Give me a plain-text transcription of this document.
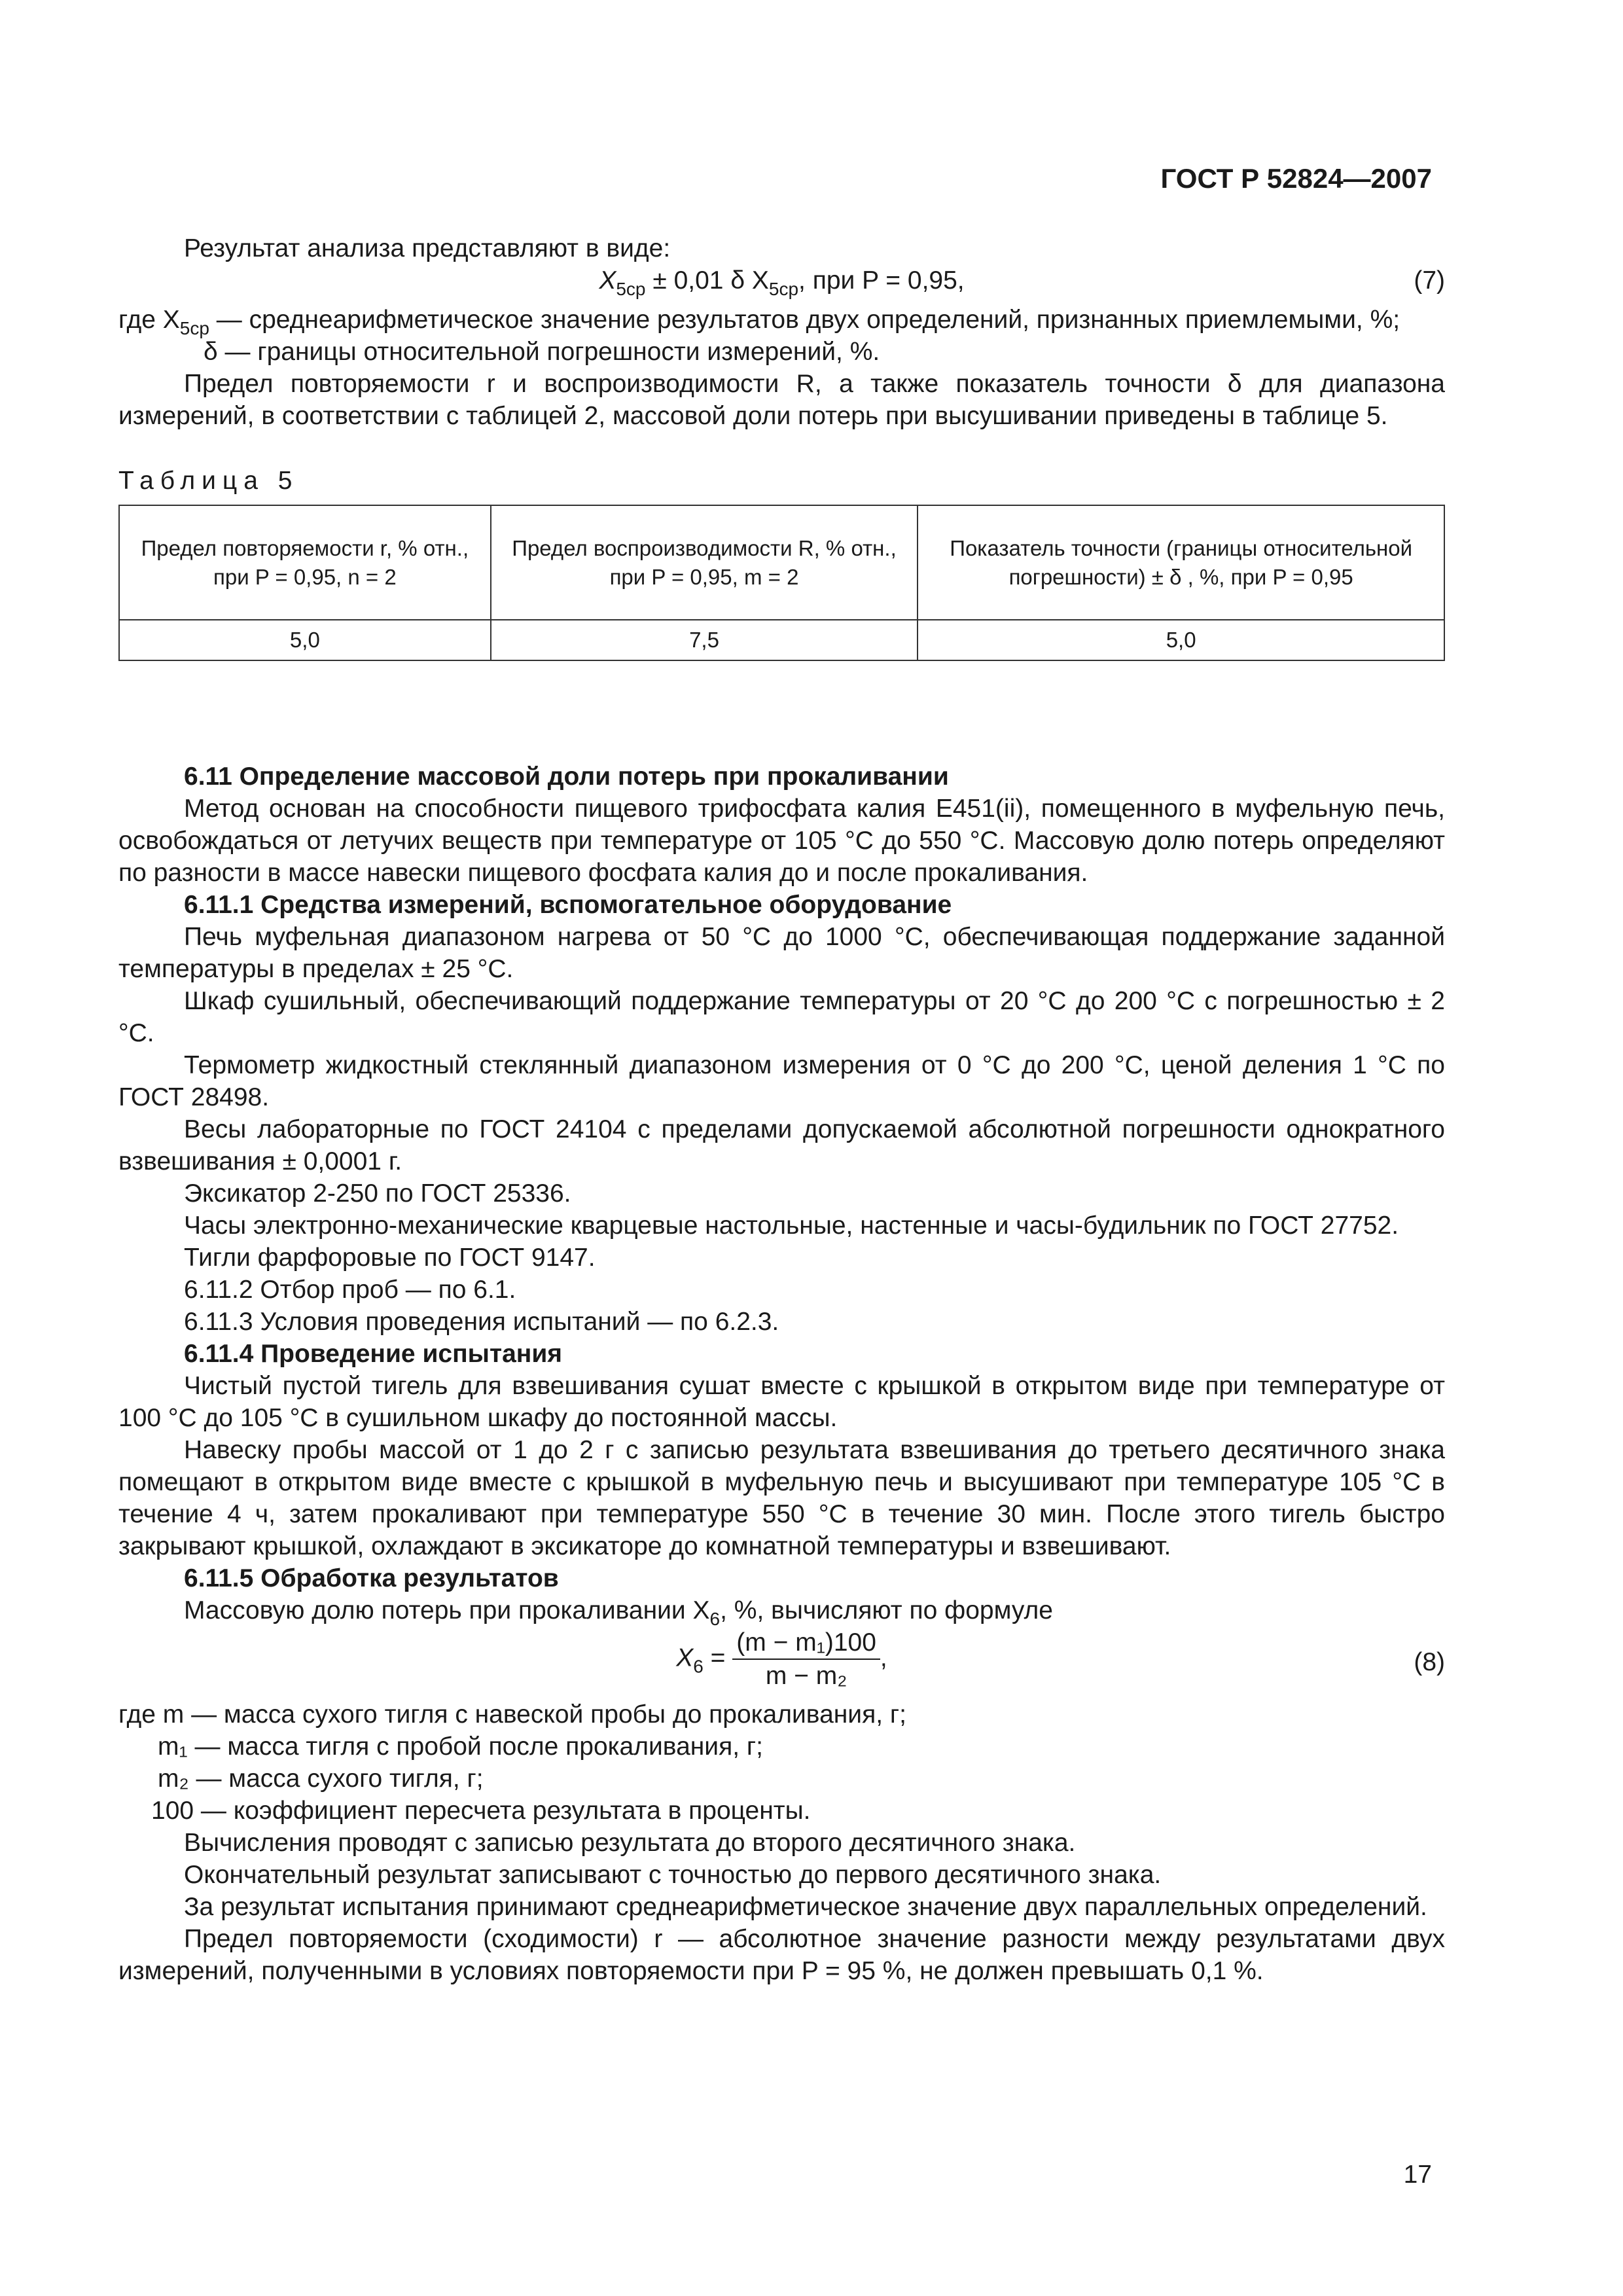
ГОСТ Р 52824—2007

Результат анализа представляют в виде:

$X_{5ср} \pm 0,01$ δ $X_{5ср}$, при P = 0,95,	(7)

где $X_{5ср}$ — среднеарифметическое значение результатов двух определений, признанных приемлемыми, %;

δ — границы относительной погрешности измерений, %.

Предел повторяемости r и воспроизводимости R, а также показатель точности δ для диапазона измерений, в соответствии с таблицей 2, массовой доли потерь при высушивании приведены в таблице 5.

Таблица 5

Предел повторяемости r, % отн., при P = 0,95, n = 2	Предел воспроизводимости R, % отн., при P = 0,95, m = 2	Показатель точности (границы относительной погрешности) ± δ , %, при P = 0,95
5,0	7,5	5,0

6.11 Определение массовой доли потерь при прокаливании

Метод основан на способности пищевого трифосфата калия Е451(ii), помещенного в муфельную печь, освобождаться от летучих веществ при температуре от 105 °С до 550 °С. Массовую долю потерь определяют по разности в массе навески пищевого фосфата калия до и после прокаливания.

6.11.1 Средства измерений, вспомогательное оборудование

Печь муфельная диапазоном нагрева от 50 °С до 1000 °С, обеспечивающая поддержание заданной температуры в пределах ± 25 °С.

Шкаф сушильный, обеспечивающий поддержание температуры от 20 °С до 200 °С с погрешностью ± 2 °С.

Термометр жидкостный стеклянный диапазоном измерения от 0 °С до 200 °С, ценой деления 1 °С по ГОСТ 28498.

Весы лабораторные по ГОСТ 24104 с пределами допускаемой абсолютной погрешности однократного взвешивания ± 0,0001 г.

Эксикатор 2-250 по ГОСТ 25336.

Часы электронно-механические кварцевые настольные, настенные и часы-будильник по ГОСТ 27752.

Тигли фарфоровые по ГОСТ 9147.

6.11.2 Отбор проб — по 6.1.

6.11.3 Условия проведения испытаний — по 6.2.3.

6.11.4 Проведение испытания

Чистый пустой тигель для взвешивания сушат вместе с крышкой в открытом виде при температуре от 100 °С до 105 °С в сушильном шкафу до постоянной массы.

Навеску пробы массой от 1 до 2 г с записью результата взвешивания до третьего десятичного знака помещают в открытом виде вместе с крышкой в муфельную печь и высушивают при температуре 105 °С в течение 4 ч, затем прокаливают при температуре 550 °С в течение 30 мин. После этого тигель быстро закрывают крышкой, охлаждают в эксикаторе до комнатной температуры и взвешивают.

6.11.5 Обработка результатов

Массовую долю потерь при прокаливании $X_6$, %, вычисляют по формуле

$X_6 = \frac{\text{(m − m₁)100}}{\text{m − m₂}}$ ,	(8)

где m — масса сухого тигля с навеской пробы до прокаливания, г;

m₁ — масса тигля с пробой после прокаливания, г;

m₂ — масса сухого тигля, г;

100 — коэффициент пересчета результата в проценты.

Вычисления проводят с записью результата до второго десятичного знака.

Окончательный результат записывают с точностью до первого десятичного знака.

За результат испытания принимают среднеарифметическое значение двух параллельных определений.

Предел повторяемости (сходимости) r — абсолютное значение разности между результатами двух измерений, полученными в условиях повторяемости при P = 95 %, не должен превышать 0,1 %.

17
